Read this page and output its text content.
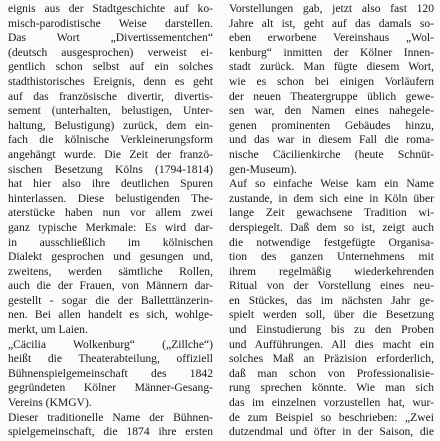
eignis aus der Stadtgeschichte auf ko-
misch-parodistische Weise darstellen.
Das Wort „Divertissementchen“
(deutsch ausgesprochen) verweist ei-
gentlich schon selbst auf ein solches
stadthistorisches Ereignis, denn es geht
auf das französische divertir, divertis-
sement (unterhalten, belustigen, Unter-
haltung, Belustigung) zurück, dem ein-
fach die kölnische Verkleinerungsform
angehängt wurde. Die Zeit der franzö-
sischen Besetzung Kölns (1794-1814)
hat hier also ihre deutlichen Spuren
hinterlassen. Diese belustigenden The-
aterstücke haben nun vor allem zwei
ganz typische Merkmale: Es wird dar-
in ausschließlich im kölnischen
Dialekt gesprochen und gesungen und,
zweitens, werden sämtliche Rollen,
auch die der Frauen, von Männern dar-
gestellt - sogar die der Balletttänzerin-
nen. Bei allen handelt es sich, wohlge-
merkt, um Laien.
„Cäcilia Wolkenburg“ („Zillche“)
heißt die Theaterabteilung, offiziell
Bühnenspielgemeinschaft des 1842
gegründeten Kölner Männer-Gesang-
Vereins (KMGV).
Dieser traditionelle Name der Bühnen-
spielgemeinschaft, die 1874 ihre ersten
Vorstellungen gab, jetzt also fast 120
Jahre alt ist, geht auf das damals so-
eben erworbene Vereinshaus „Wol-
kenburg“ inmitten der Kölner Innen-
stadt zurück. Man fügte diesem Wort,
wie es schon bei einigen Vorläufern
der neuen Theatergruppe üblich gewe-
sen war, den Namen eines nahegele-
genen prominenten Gebäudes hinzu,
und das war in diesem Fall die roma-
nische Cäcilienkirche (heute Schnüt-
gen-Museum).
Auf so einfache Weise kam ein Name
zustande, in dem sich eine in Köln über
lange Zeit gewachsene Tradition wi-
derspiegelt. Daß dem so ist, zeigt auch
die notwendige festgefügte Organisa-
tion des ganzen Unternehmens mit
ihrem regelmäßig wiederkehrenden
Ritual von der Vorstellung eines neu-
en Stückes, das im nächsten Jahr ge-
spielt werden soll, über die Besetzung
und Einstudierung bis zu den Proben
und Aufführungen. All dies macht ein
solches Maß an Präzision erforderlich,
daß man schon von Professionalisie-
rung sprechen könnte. Wie man sich
das im einzelnen vorzustellen hat, wur-
de zum Beispiel so beschrieben: „Zwei
dutzendmal und öfter in der Saison, die
